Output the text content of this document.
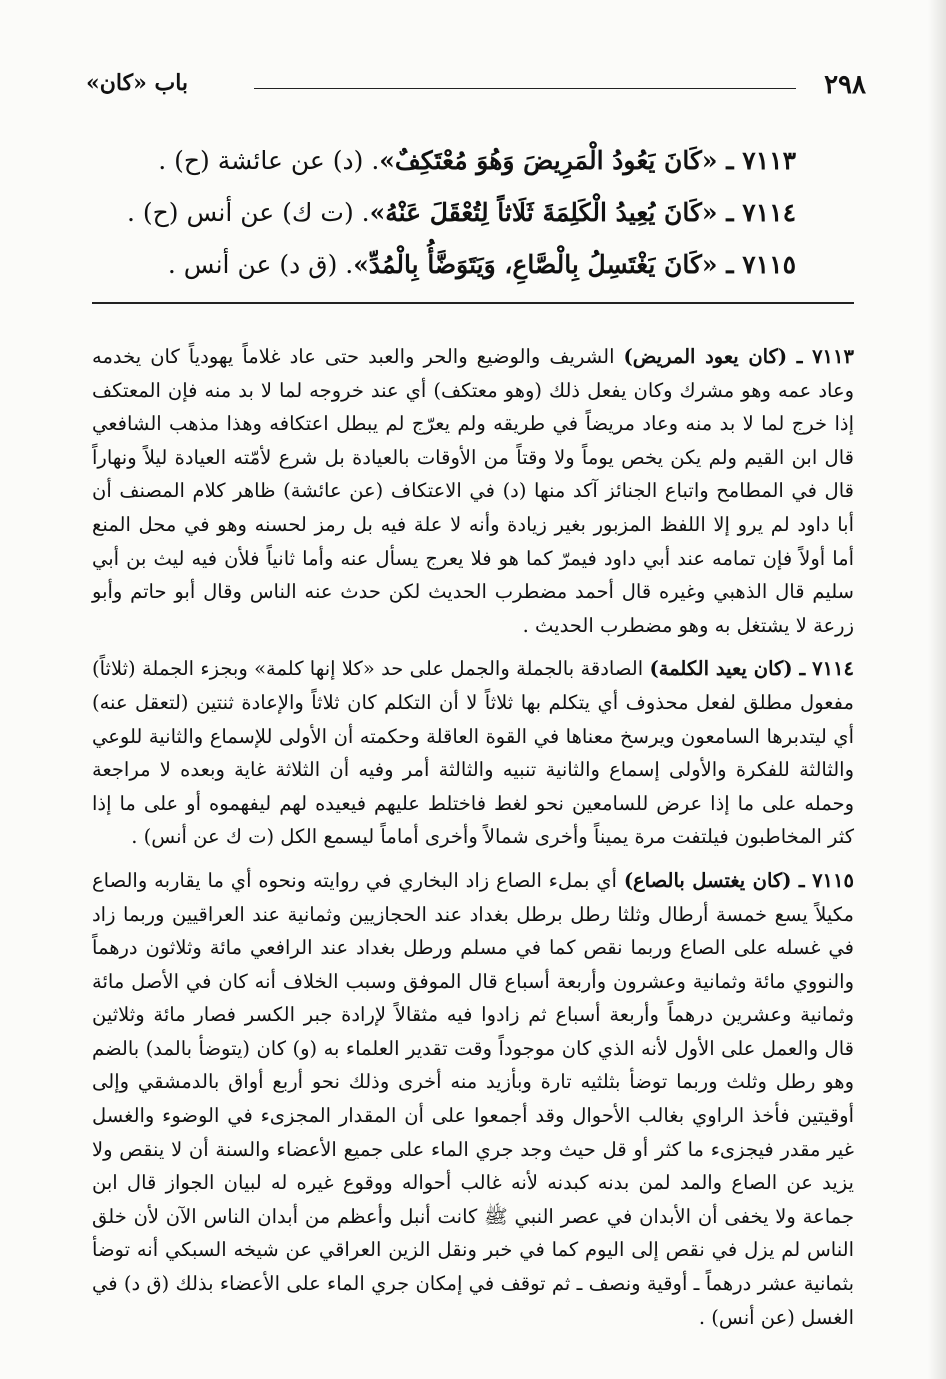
٢٩٨
باب «كان»
٧١١٣ ـ «كَانَ يَعُودُ الْمَرِيضَ وَهُوَ مُعْتَكِفٌ». (د) عن عائشة (ح) .
٧١١٤ ـ «كَانَ يُعِيدُ الْكَلِمَةَ ثَلَاثاً لِتُعْقَلَ عَنْهُ». (ت ك) عن أنس (ح) .
٧١١٥ ـ «كَانَ يَغْتَسِلُ بِالْصَّاعِ، وَيَتَوَضَّأُ بِالْمُدِّ». (ق د) عن أنس .

٧١١٣ ـ (كان يعود المريض) الشريف والوضيع والحر والعبد حتى عاد غلاماً يهودياً كان يخدمه وعاد عمه وهو مشرك وكان يفعل ذلك (وهو معتكف) أي عند خروجه لما لا بد منه فإن المعتكف إذا خرج لما لا بد منه وعاد مريضاً في طريقه ولم يعرّج لم يبطل اعتكافه وهذا مذهب الشافعي قال ابن القيم ولم يكن يخص يوماً ولا وقتاً من الأوقات بالعيادة بل شرع لأمّته العيادة ليلاً ونهاراً قال في المطامح واتباع الجنائز آكد منها (د) في الاعتكاف (عن عائشة) ظاهر كلام المصنف أن أبا داود لم يرو إلا اللفظ المزبور بغير زيادة وأنه لا علة فيه بل رمز لحسنه وهو في محل المنع أما أولاً فإن تمامه عند أبي داود فيمرّ كما هو فلا يعرج يسأل عنه وأما ثانياً فلأن فيه ليث بن أبي سليم قال الذهبي وغيره قال أحمد مضطرب الحديث لكن حدث عنه الناس وقال أبو حاتم وأبو زرعة لا يشتغل به وهو مضطرب الحديث .

٧١١٤ ـ (كان يعيد الكلمة) الصادقة بالجملة والجمل على حد «كلا إنها كلمة» وبجزء الجملة (ثلاثاً) مفعول مطلق لفعل محذوف أي يتكلم بها ثلاثاً لا أن التكلم كان ثلاثاً والإعادة ثنتين (لتعقل عنه) أي ليتدبرها السامعون ويرسخ معناها في القوة العاقلة وحكمته أن الأولى للإسماع والثانية للوعي والثالثة للفكرة والأولى إسماع والثانية تنبيه والثالثة أمر وفيه أن الثلاثة غاية وبعده لا مراجعة وحمله على ما إذا عرض للسامعين نحو لغط فاختلط عليهم فيعيده لهم ليفهموه أو على ما إذا كثر المخاطبون فيلتفت مرة يميناً وأخرى شمالاً وأخرى أماماً ليسمع الكل (ت ك عن أنس) .

٧١١٥ ـ (كان يغتسل بالصاع) أي بملء الصاع زاد البخاري في روايته ونحوه أي ما يقاربه والصاع مكيلاً يسع خمسة أرطال وثلثا رطل برطل بغداد عند الحجازيين وثمانية عند العراقيين وربما زاد في غسله على الصاع وربما نقص كما في مسلم ورطل بغداد عند الرافعي مائة وثلاثون درهماً والنووي مائة وثمانية وعشرون وأربعة أسباع قال الموفق وسبب الخلاف أنه كان في الأصل مائة وثمانية وعشرين درهماً وأربعة أسباع ثم زادوا فيه مثقالاً لإرادة جبر الكسر فصار مائة وثلاثين قال والعمل على الأول لأنه الذي كان موجوداً وقت تقدير العلماء به (و) كان (يتوضأ بالمد) بالضم وهو رطل وثلث وربما توضأ بثلثيه تارة وبأزيد منه أخرى وذلك نحو أربع أواق بالدمشقي وإلى أوقيتين فأخذ الراوي بغالب الأحوال وقد أجمعوا على أن المقدار المجزىء في الوضوء والغسل غير مقدر فيجزىء ما كثر أو قل حيث وجد جري الماء على جميع الأعضاء والسنة أن لا ينقص ولا يزيد عن الصاع والمد لمن بدنه كبدنه لأنه غالب أحواله ووقوع غيره له لبيان الجواز قال ابن جماعة ولا يخفى أن الأبدان في عصر النبي ﷺ كانت أنبل وأعظم من أبدان الناس الآن لأن خلق الناس لم يزل في نقص إلى اليوم كما في خبر ونقل الزين العراقي عن شيخه السبكي أنه توضأ بثمانية عشر درهماً ـ أوقية ونصف ـ ثم توقف في إمكان جري الماء على الأعضاء بذلك (ق د) في الغسل (عن أنس) .
